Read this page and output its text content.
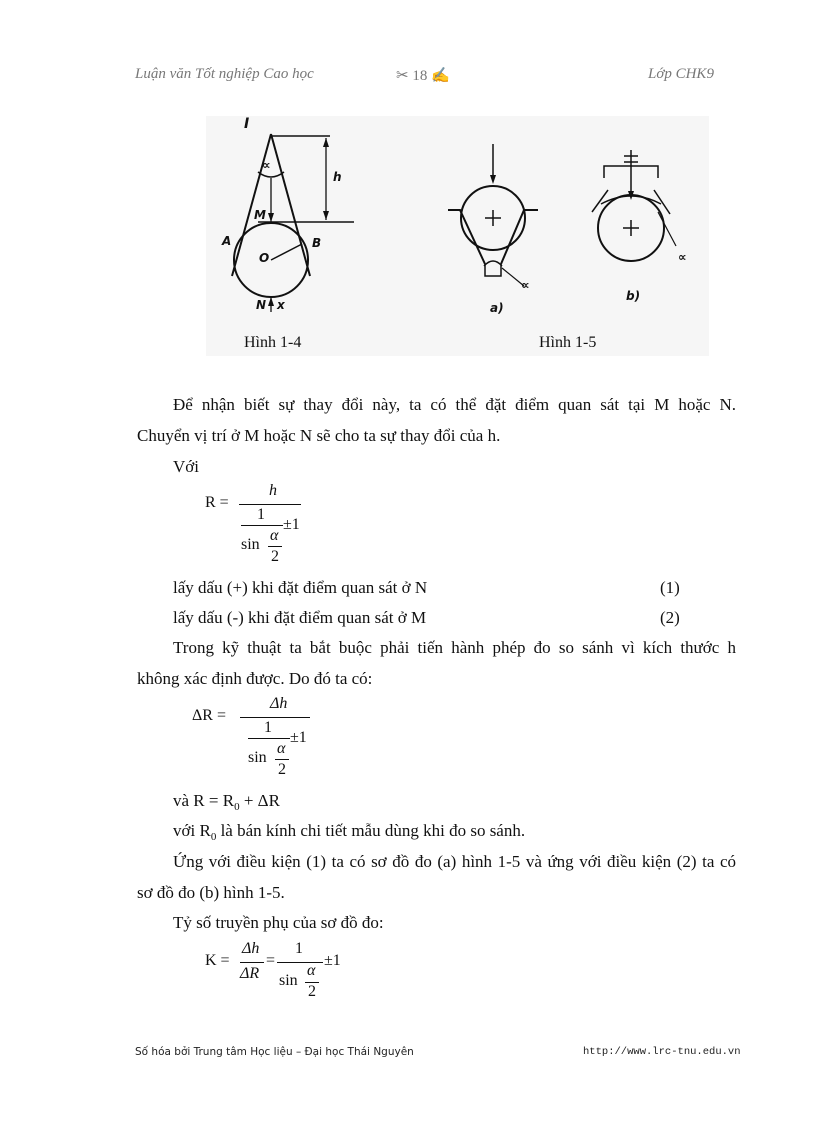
Luận văn Tốt nghiệp Cao học	✂ 18 ✍	Lớp CHK9
I
∝
h
M
A
O
B
N x
∝
∝
a)
b)
Hình 1-4	Hình 1-5
Để nhận biết sự thay đổi này, ta có thể đặt điểm quan sát tại M hoặc N.
Chuyển vị trí ở M hoặc N sẽ cho ta sự thay đổi của h.
Với
R =
h
1
±1
sin
α
2
lấy dấu (+) khi đặt điểm quan sát ở N	(1)
lấy dấu (-) khi đặt điểm quan sát ở M	(2)
Trong kỹ thuật ta bắt buộc phải tiến hành phép đo so sánh vì kích thước h
không xác định được. Do đó ta có:
ΔR =
Δh
1
±1
sin
α
2
và $R = R_0 + \Delta R$
với $R_0$ là bán kính chi tiết mẫu dùng khi đo so sánh.
Ứng với điều kiện (1) ta có sơ đồ đo (a) hình 1-5 và ứng với điều kiện (2) ta có
sơ đồ đo (b) hình 1-5.
Tỷ số truyền phụ của sơ đồ đo:
K =
Δh
ΔR
=
1
±1
sin
α
2
Số hóa bởi Trung tâm Học liệu – Đại học Thái Nguyên	http://www.lrc-tnu.edu.vn
